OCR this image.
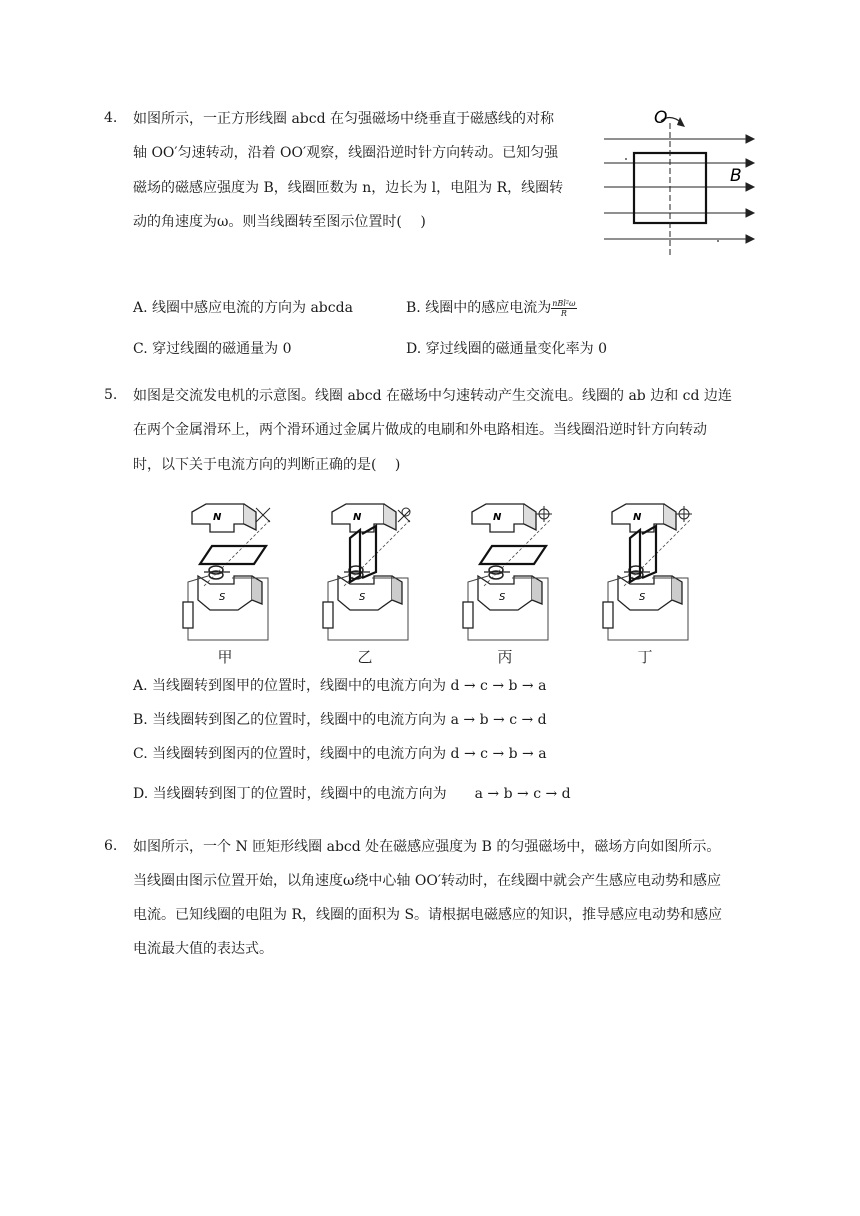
4. 如图所示，一正方形线圈 abcd 在匀强磁场中绕垂直于磁感线的对称
轴 OO′匀速转动，沿着 OO′观察，线圈沿逆时针方向转动。已知匀强
磁场的磁感应强度为 B，线圈匝数为 n，边长为 l，电阻为 R，线圈转
动的角速度为ω。则当线圈转至图示位置时(　 )
O
B
A. 线圈中感应电流的方向为 abcda	B. 线圈中的感应电流为 $\frac{\text{nBl²ω}}{R}$
C. 穿过线圈的磁通量为 0	D. 穿过线圈的磁通量变化率为 0
5. 如图是交流发电机的示意图。线圈 abcd 在磁场中匀速转动产生交流电。线圈的 ab 边和 cd 边连
在两个金属滑环上，两个滑环通过金属片做成的电刷和外电路相连。当线圈沿逆时针方向转动
时，以下关于电流方向的判断正确的是(　 )
N
S
甲
N
S
乙
N
S
丙
N
S
丁
A. 当线圈转到图甲的位置时，线圈中的电流方向为 d → c → b → a
B. 当线圈转到图乙的位置时，线圈中的电流方向为 a → b → c → d
C. 当线圈转到图丙的位置时，线圈中的电流方向为 d → c → b → a
D. 当线圈转到图丁的位置时，线圈中的电流方向为　　a → b → c → d
6. 如图所示，一个 N 匝矩形线圈 abcd 处在磁感应强度为 B 的匀强磁场中，磁场方向如图所示。
当线圈由图示位置开始，以角速度ω绕中心轴 OO′转动时，在线圈中就会产生感应电动势和感应
电流。已知线圈的电阻为 R，线圈的面积为 S。请根据电磁感应的知识，推导感应电动势和感应
电流最大值的表达式。
